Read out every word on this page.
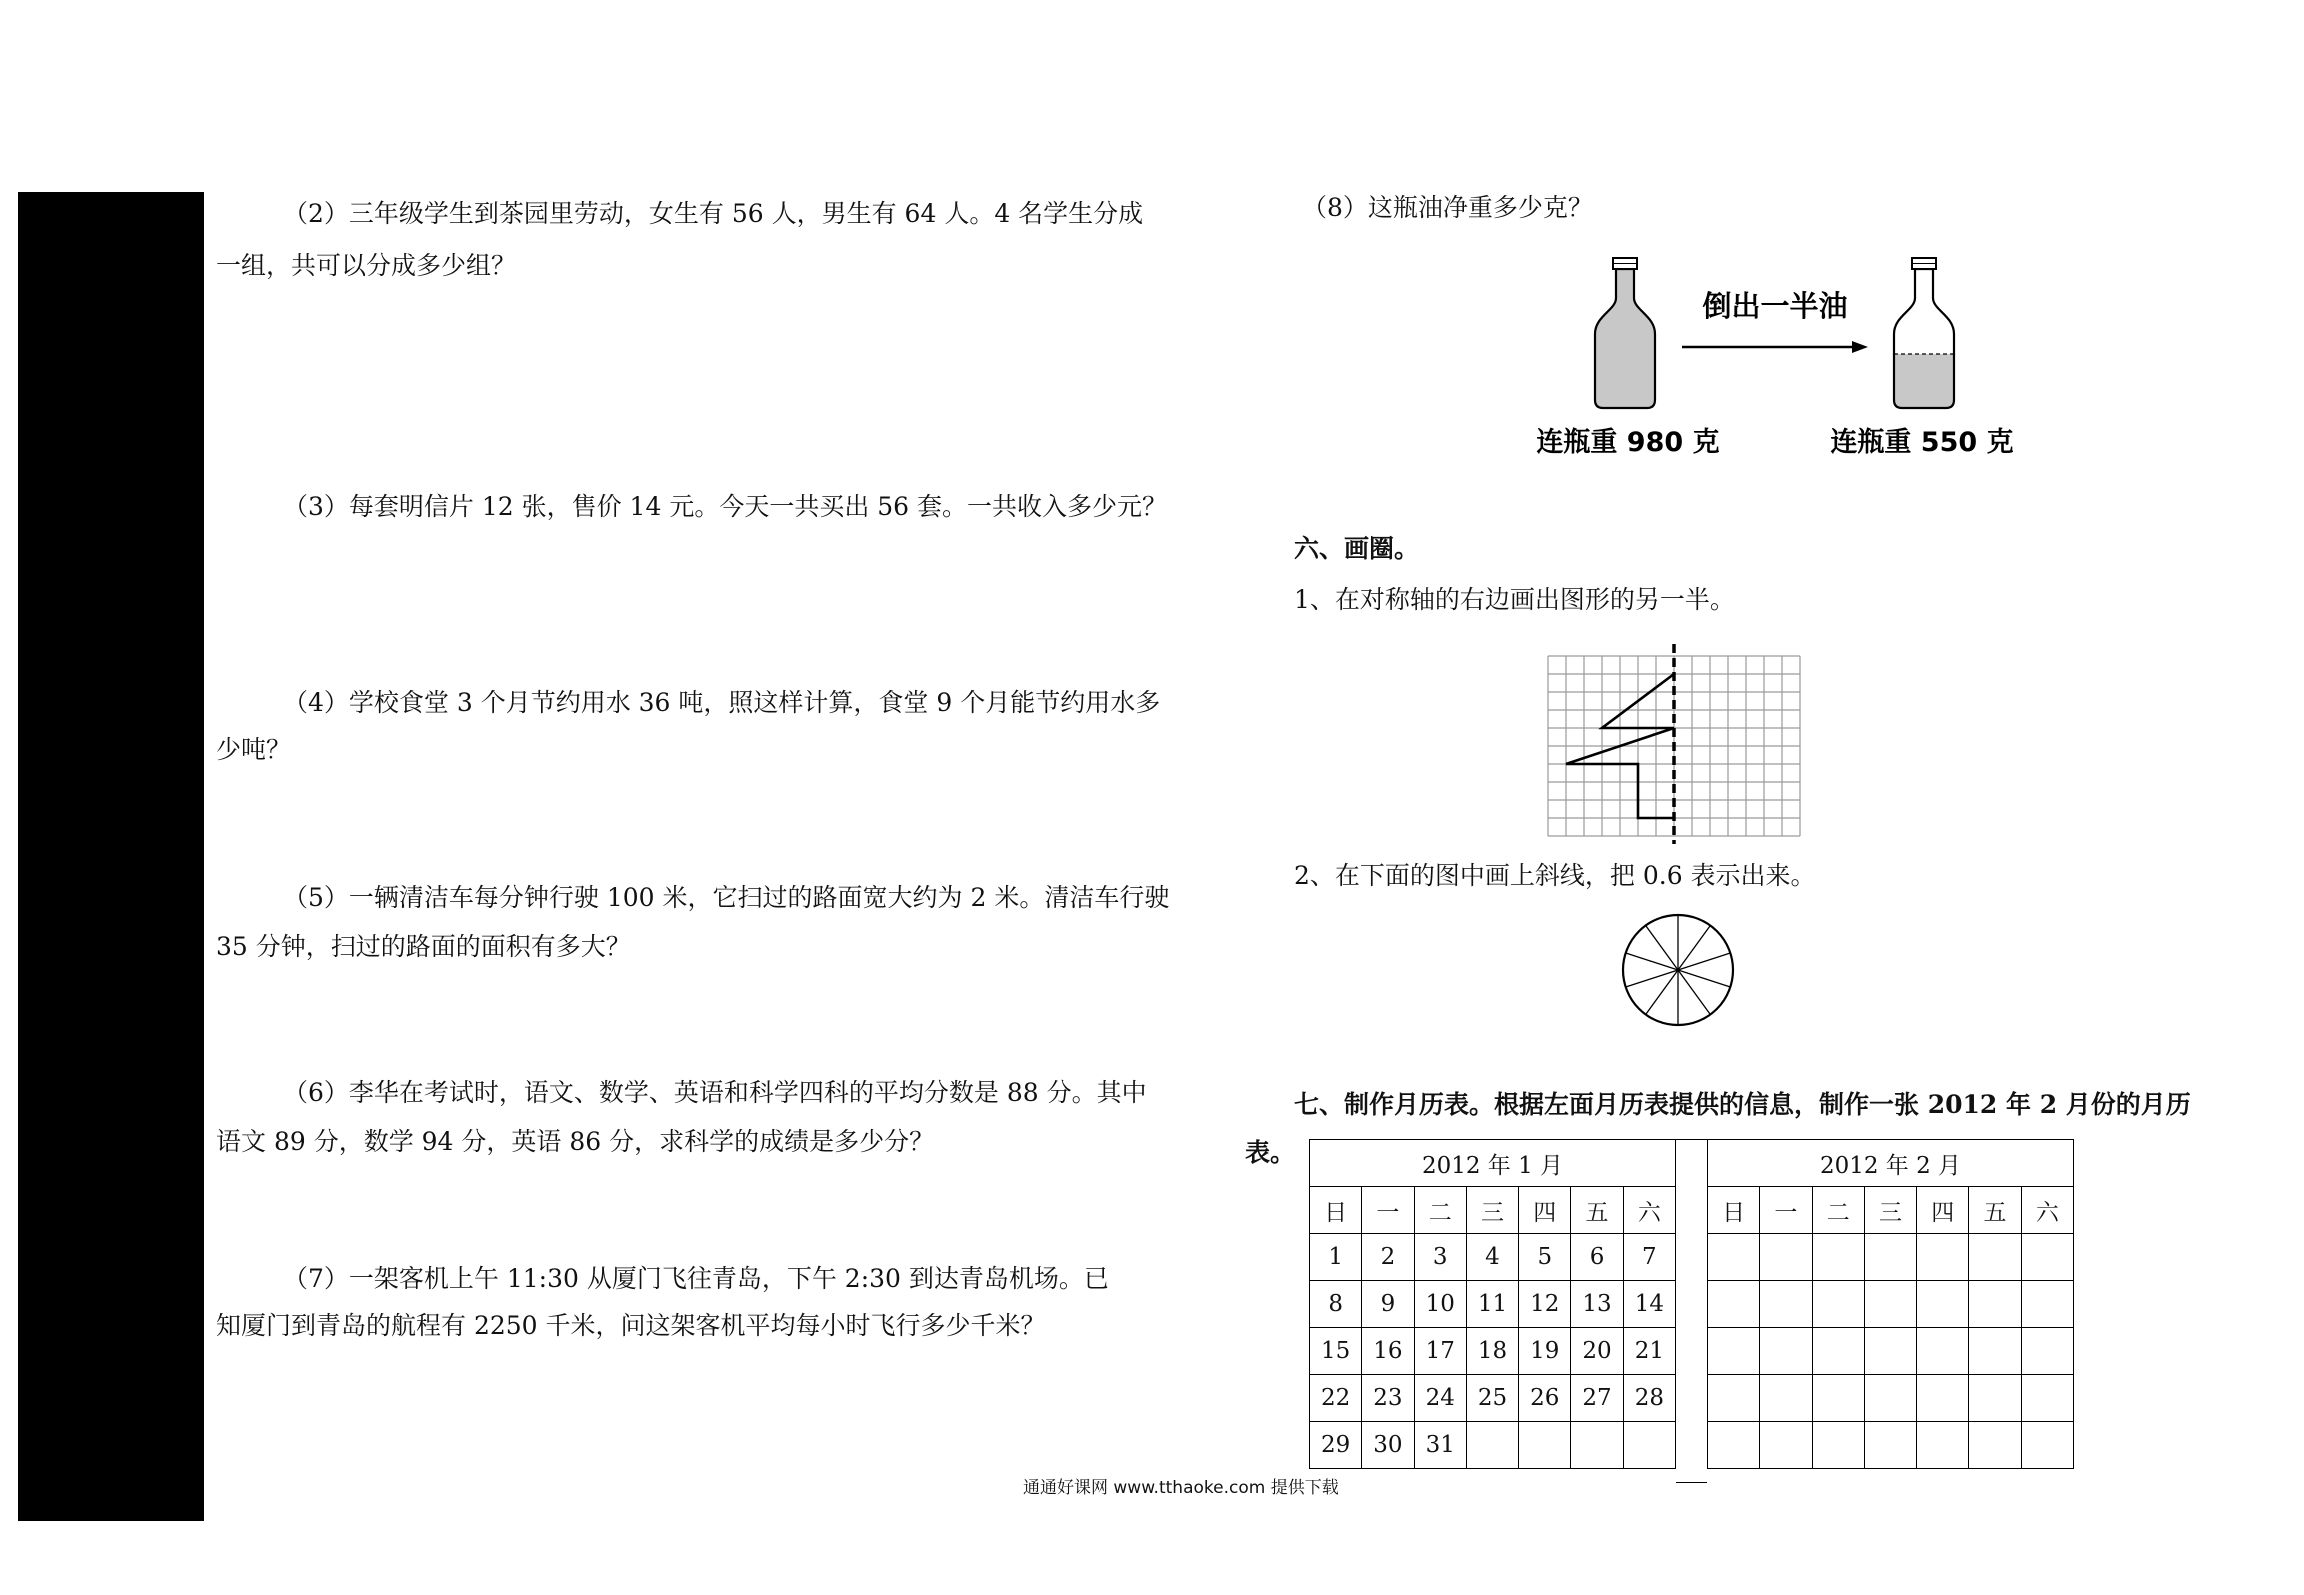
（2）三年级学生到茶园里劳动，女生有 56 人，男生有 64 人。4 名学生分成
一组，共可以分成多少组？
（3）每套明信片 12 张，售价 14 元。今天一共买出 56 套。一共收入多少元？
（4）学校食堂 3 个月节约用水 36 吨，照这样计算，食堂 9 个月能节约用水多
少吨？
（5）一辆清洁车每分钟行驶 100 米，它扫过的路面宽大约为 2 米。清洁车行驶
35 分钟，扫过的路面的面积有多大？
（6）李华在考试时，语文、数学、英语和科学四科的平均分数是 88 分。其中
语文 89 分，数学 94 分，英语 86 分，求科学的成绩是多少分？
（7）一架客机上午 11:30 从厦门飞往青岛，下午 2:30 到达青岛机场。已
知厦门到青岛的航程有 2250 千米，问这架客机平均每小时飞行多少千米？
（8）这瓶油净重多少克？
倒出一半油
连瓶重 980 克	连瓶重 550 克
六、画圈。
1、在对称轴的右边画出图形的另一半。
2、在下面的图中画上斜线，把 0.6 表示出来。
七、制作月历表。根据左面月历表提供的信息，制作一张 2012 年 2 月份的月历
表。	2012 年 1 月						
日	一	二	三	四	五	六
1	2	3	4	5	6	7
8	9	10	11	12	13	14
15	16	17	18	19	20	21
22	23	24	25	26	27	28
29	30	31				
2012 年 2 月						
日	一	二	三	四	五	六

通通好课网 www.tthaoke.com 提供下载
